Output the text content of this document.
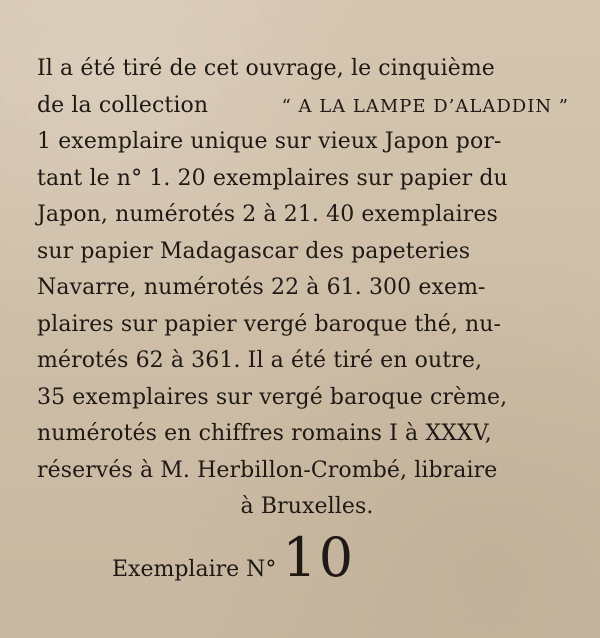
Il a été tiré de cet ouvrage, le cinquième
de la collection	“ A LA LAMPE D’ALADDIN ”
1 exemplaire unique sur vieux Japon por-
tant le n° 1. 20 exemplaires sur papier du
Japon, numérotés 2 à 21. 40 exemplaires
sur papier Madagascar des papeteries
Navarre, numérotés 22 à 61. 300 exem-
plaires sur papier vergé baroque thé, nu-
mérotés 62 à 361. Il a été tiré en outre,
35 exemplaires sur vergé baroque crème,
numérotés en chiffres romains I à XXXV,
réservés à M. Herbillon-Crombé, libraire
à Bruxelles.
Exemplaire N° 10
